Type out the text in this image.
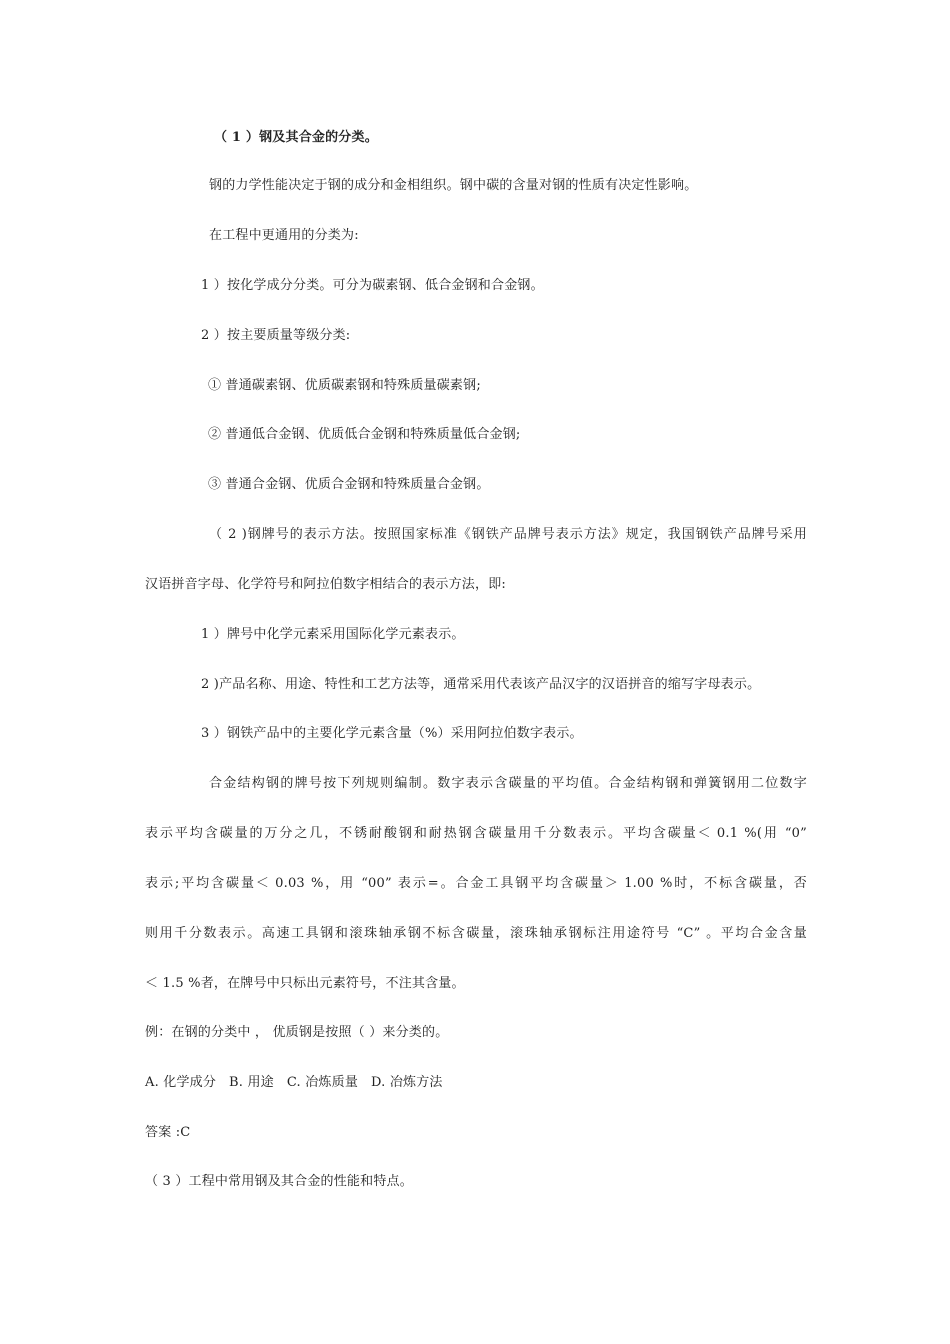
（ 1 ）钢及其合金的分类。
钢的力学性能决定于钢的成分和金相组织。钢中碳的含量对钢的性质有决定性影响。
在工程中更通用的分类为:
1 ）按化学成分分类。可分为碳素钢、低合金钢和合金钢。
2 ）按主要质量等级分类:
① 普通碳素钢、优质碳素钢和特殊质量碳素钢;
② 普通低合金钢、优质低合金钢和特殊质量低合金钢;
③ 普通合金钢、优质合金钢和特殊质量合金钢。
（ 2 )钢牌号的表示方法。按照国家标准《钢铁产品牌号表示方法》规定，我国钢铁产品牌号采用
汉语拼音字母、化学符号和阿拉伯数字相结合的表示方法，即:
1 ）牌号中化学元素采用国际化学元素表示。
2 )产品名称、用途、特性和工艺方法等，通常采用代表该产品汉字的汉语拼音的缩写字母表示。
3 ）钢铁产品中的主要化学元素含量（%）采用阿拉伯数字表示。
合金结构钢的牌号按下列规则编制。数字表示含碳量的平均值。合金结构钢和弹簧钢用二位数字
表示平均含碳量的万分之几，不锈耐酸钢和耐热钢含碳量用千分数表示。平均含碳量＜ 0.1 %(用 “0”
表示;平均含碳量＜ 0.03 %，用 “00” 表示=。合金工具钢平均含碳量＞ 1.00 %时，不标含碳量，否
则用千分数表示。高速工具钢和滚珠轴承钢不标含碳量，滚珠轴承钢标注用途符号 “C” 。平均合金含量
＜ 1.5 %者，在牌号中只标出元素符号，不注其含量。
例：在钢的分类中 ， 优质钢是按照（ ）来分类的。
A. 化学成分   B. 用途   C. 冶炼质量   D. 冶炼方法
答案 :C
（ 3 ）工程中常用钢及其合金的性能和特点。
